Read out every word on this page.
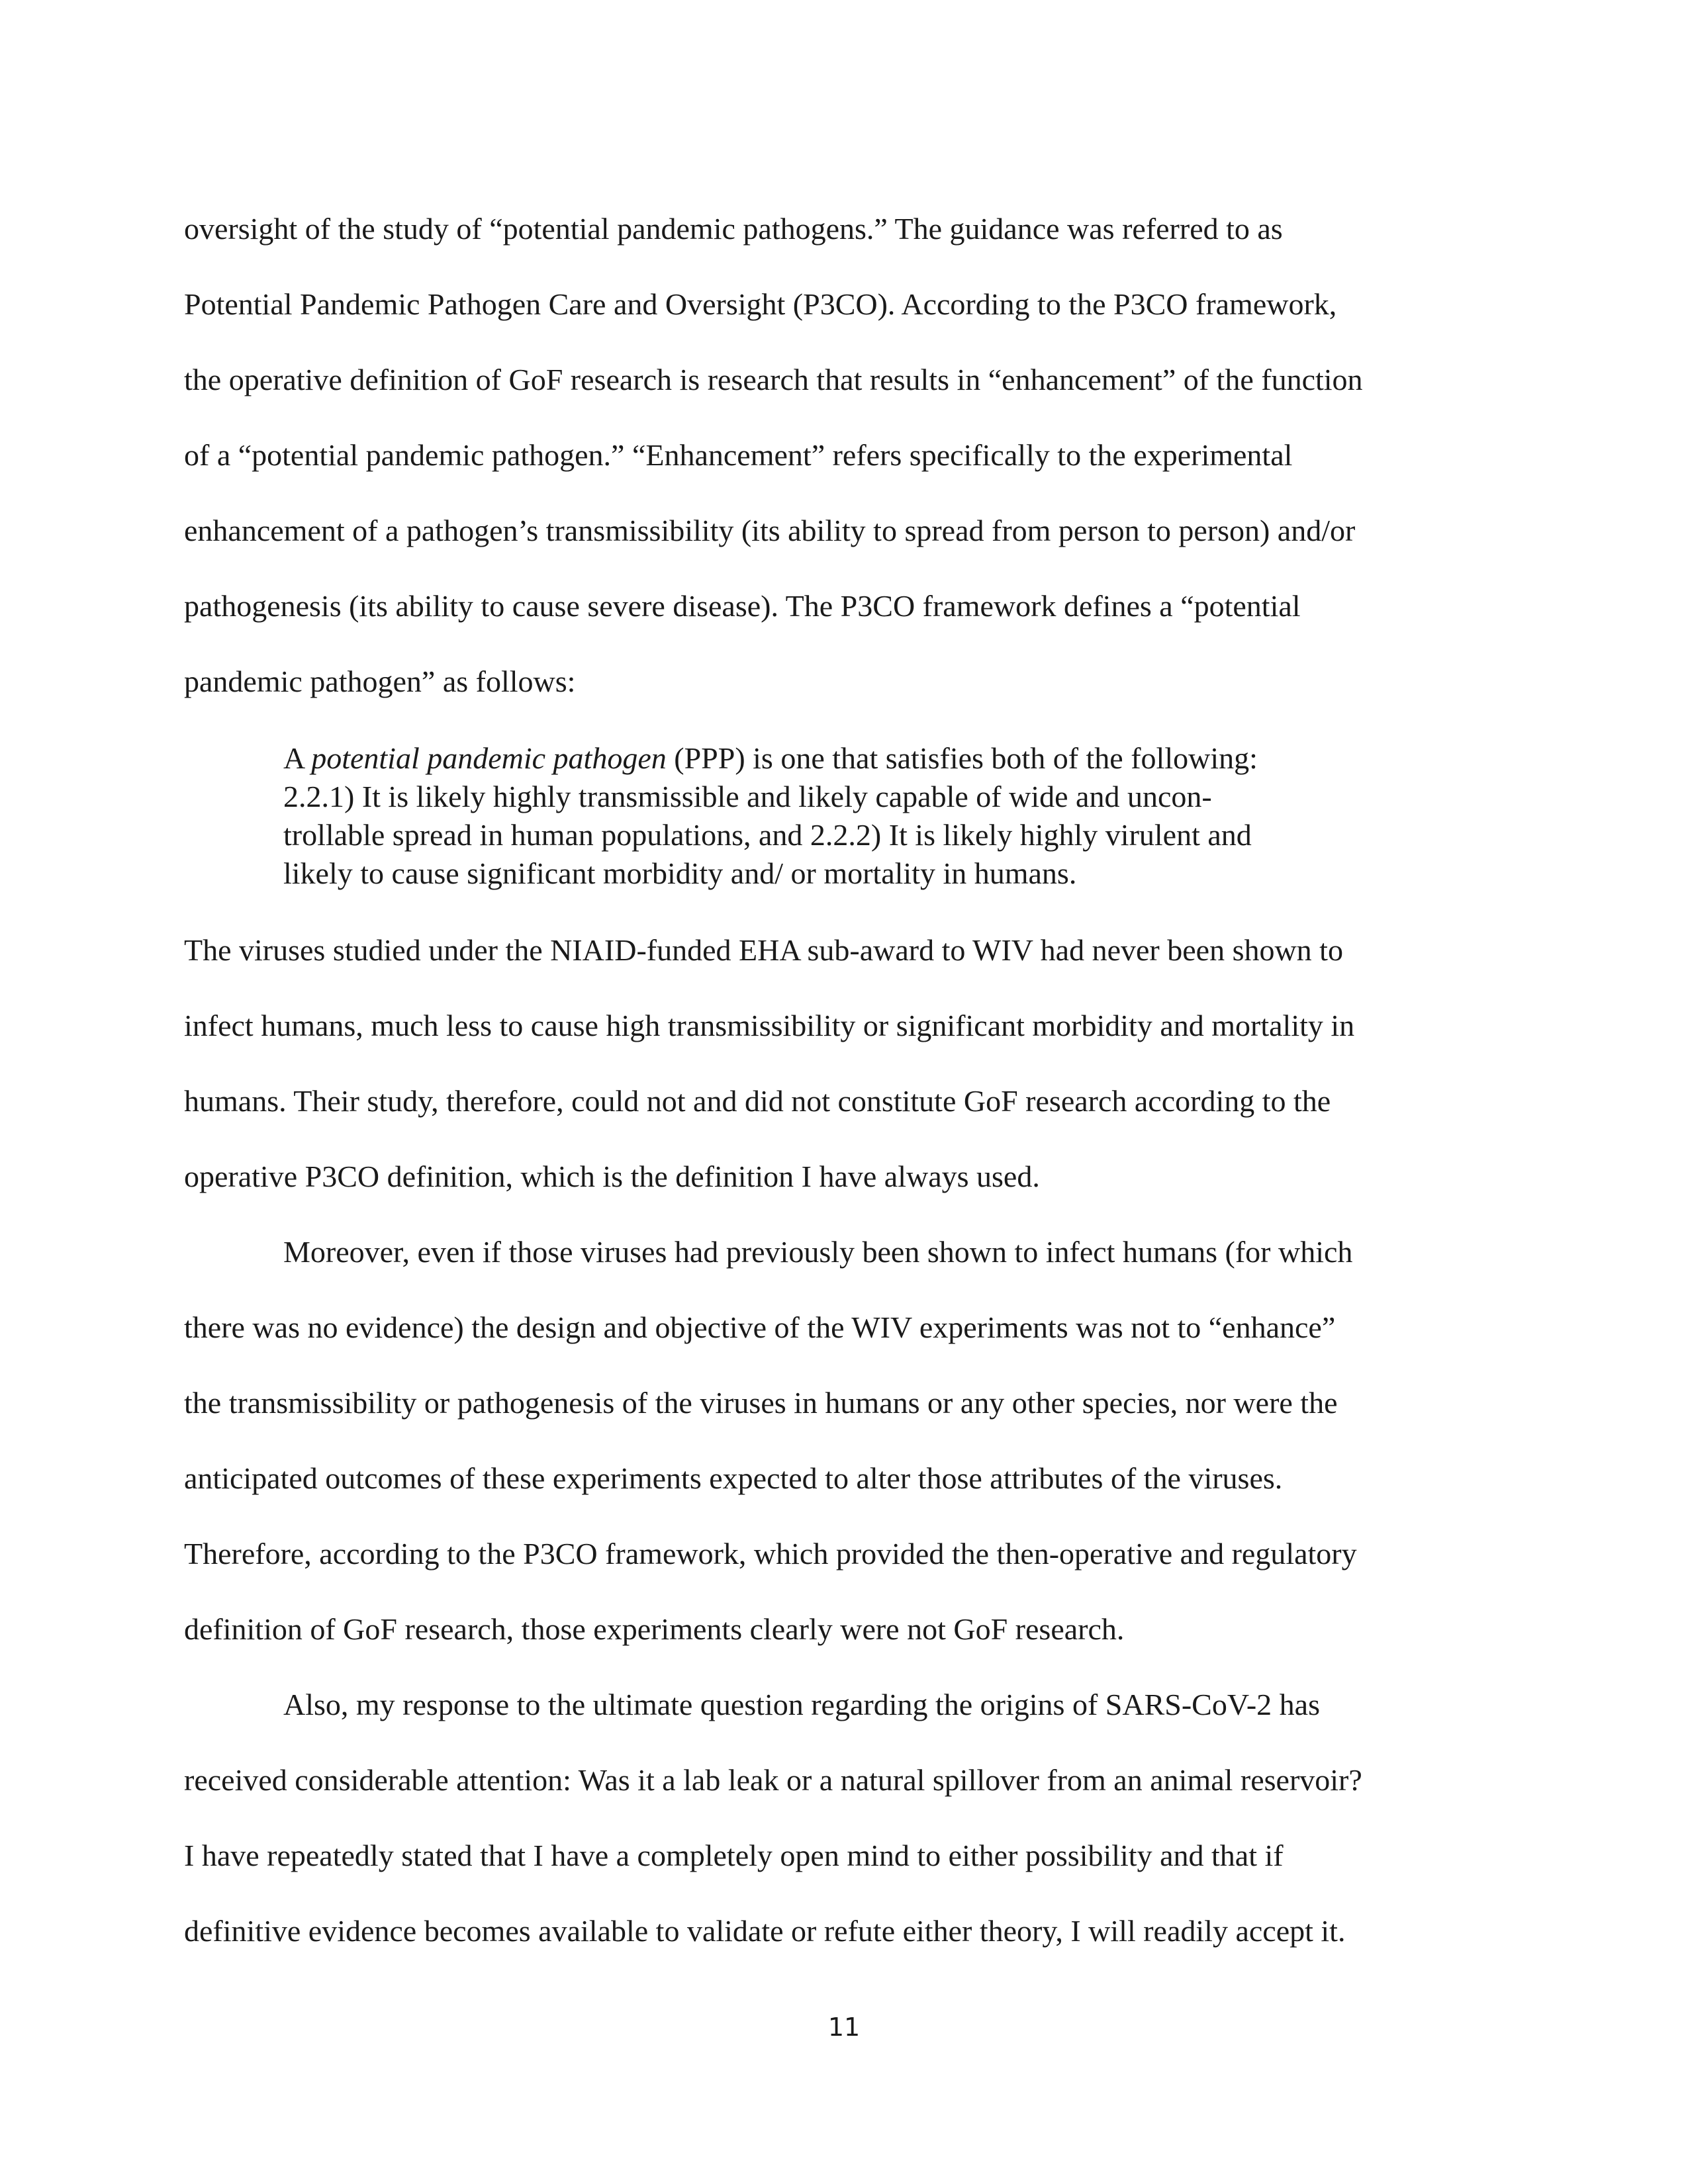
oversight of the study of “potential pandemic pathogens.” The guidance was referred to as

Potential Pandemic Pathogen Care and Oversight (P3CO). According to the P3CO framework,

the operative definition of GoF research is research that results in “enhancement” of the function

of a “potential pandemic pathogen.” “Enhancement” refers specifically to the experimental

enhancement of a pathogen’s transmissibility (its ability to spread from person to person) and/or

pathogenesis (its ability to cause severe disease). The P3CO framework defines a “potential

pandemic pathogen” as follows:

A potential pandemic pathogen (PPP) is one that satisfies both of the following:

2.2.1) It is likely highly transmissible and likely capable of wide and uncon-

trollable spread in human populations, and 2.2.2) It is likely highly virulent and

likely to cause significant morbidity and/ or mortality in humans.

The viruses studied under the NIAID-funded EHA sub-award to WIV had never been shown to

infect humans, much less to cause high transmissibility or significant morbidity and mortality in

humans. Their study, therefore, could not and did not constitute GoF research according to the

operative P3CO definition, which is the definition I have always used.

Moreover, even if those viruses had previously been shown to infect humans (for which

there was no evidence) the design and objective of the WIV experiments was not to “enhance”

the transmissibility or pathogenesis of the viruses in humans or any other species, nor were the

anticipated outcomes of these experiments expected to alter those attributes of the viruses.

Therefore, according to the P3CO framework, which provided the then-operative and regulatory

definition of GoF research, those experiments clearly were not GoF research.

Also, my response to the ultimate question regarding the origins of SARS-CoV-2 has

received considerable attention: Was it a lab leak or a natural spillover from an animal reservoir?

I have repeatedly stated that I have a completely open mind to either possibility and that if

definitive evidence becomes available to validate or refute either theory, I will readily accept it.

11
